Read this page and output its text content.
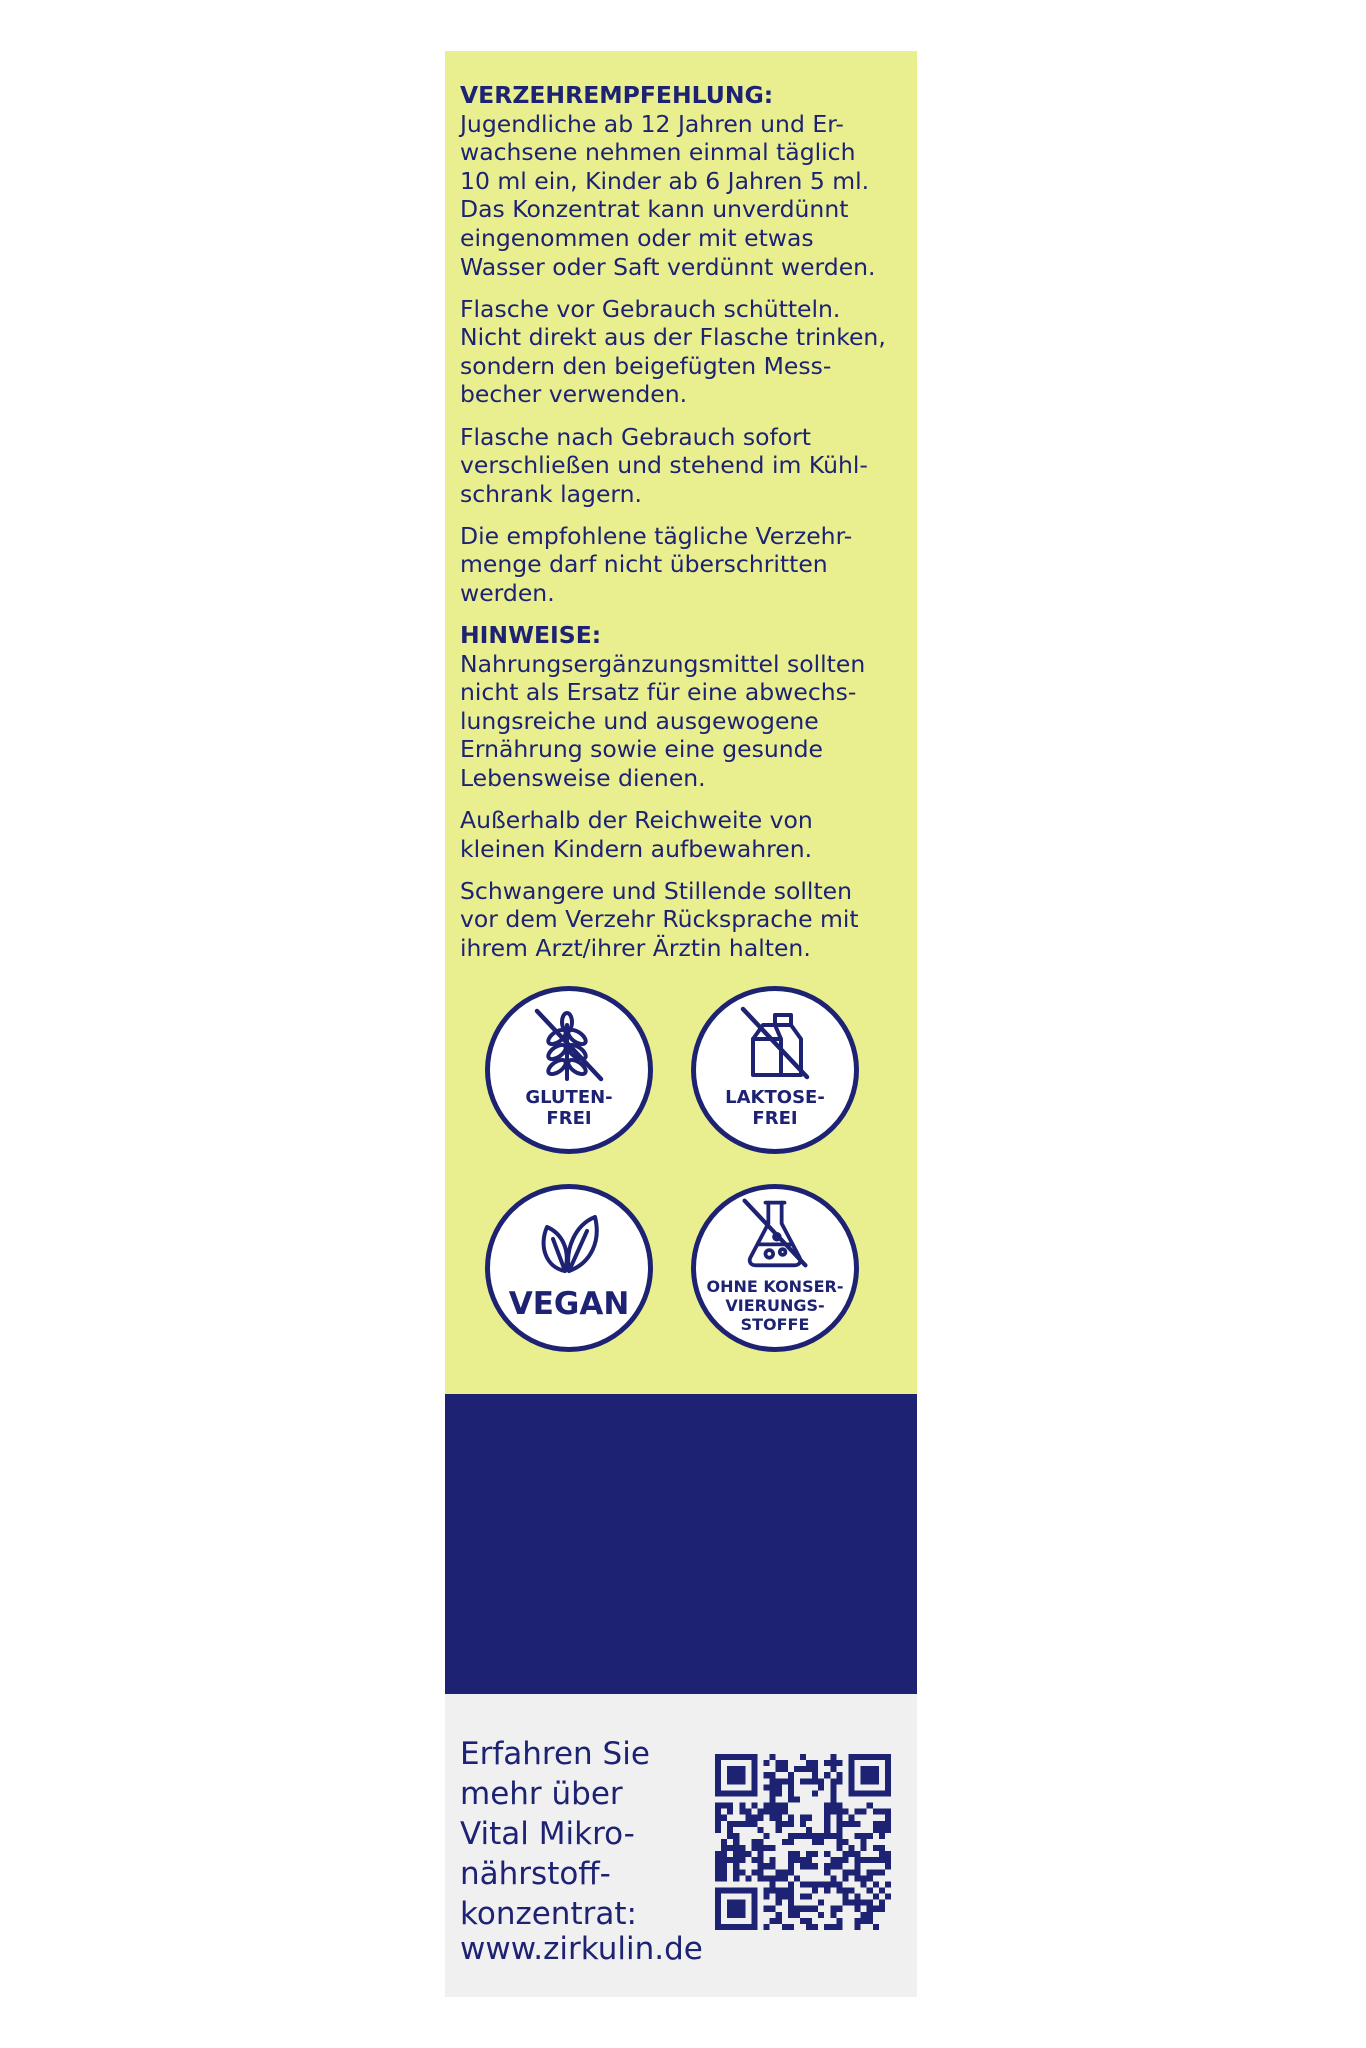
VERZEHREMPFEHLUNG:
Jugendliche ab 12 Jahren und Er-
wachsene nehmen einmal täglich
10 ml ein, Kinder ab 6 Jahren 5 ml.
Das Konzentrat kann unverdünnt
eingenommen oder mit etwas
Wasser oder Saft verdünnt werden.

Flasche vor Gebrauch schütteln.
Nicht direkt aus der Flasche trinken,
sondern den beigefügten Mess-
becher verwenden.

Flasche nach Gebrauch sofort
verschließen und stehend im Kühl-
schrank lagern.

Die empfohlene tägliche Verzehr-
menge darf nicht überschritten
werden.

HINWEISE:
Nahrungsergänzungsmittel sollten
nicht als Ersatz für eine abwechs-
lungsreiche und ausgewogene
Ernährung sowie eine gesunde
Lebensweise dienen.

Außerhalb der Reichweite von
kleinen Kindern aufbewahren.

Schwangere und Stillende sollten
vor dem Verzehr Rücksprache mit
ihrem Arzt/ihrer Ärztin halten.

GLUTEN-
FREI
LAKTOSE-
FREI
VEGAN	OHNE KONSER-
VIERUNGS-
STOFFE

Erfahren Sie
mehr über
Vital Mikro-
nährstoff-
konzentrat:

www.zirkulin.de
